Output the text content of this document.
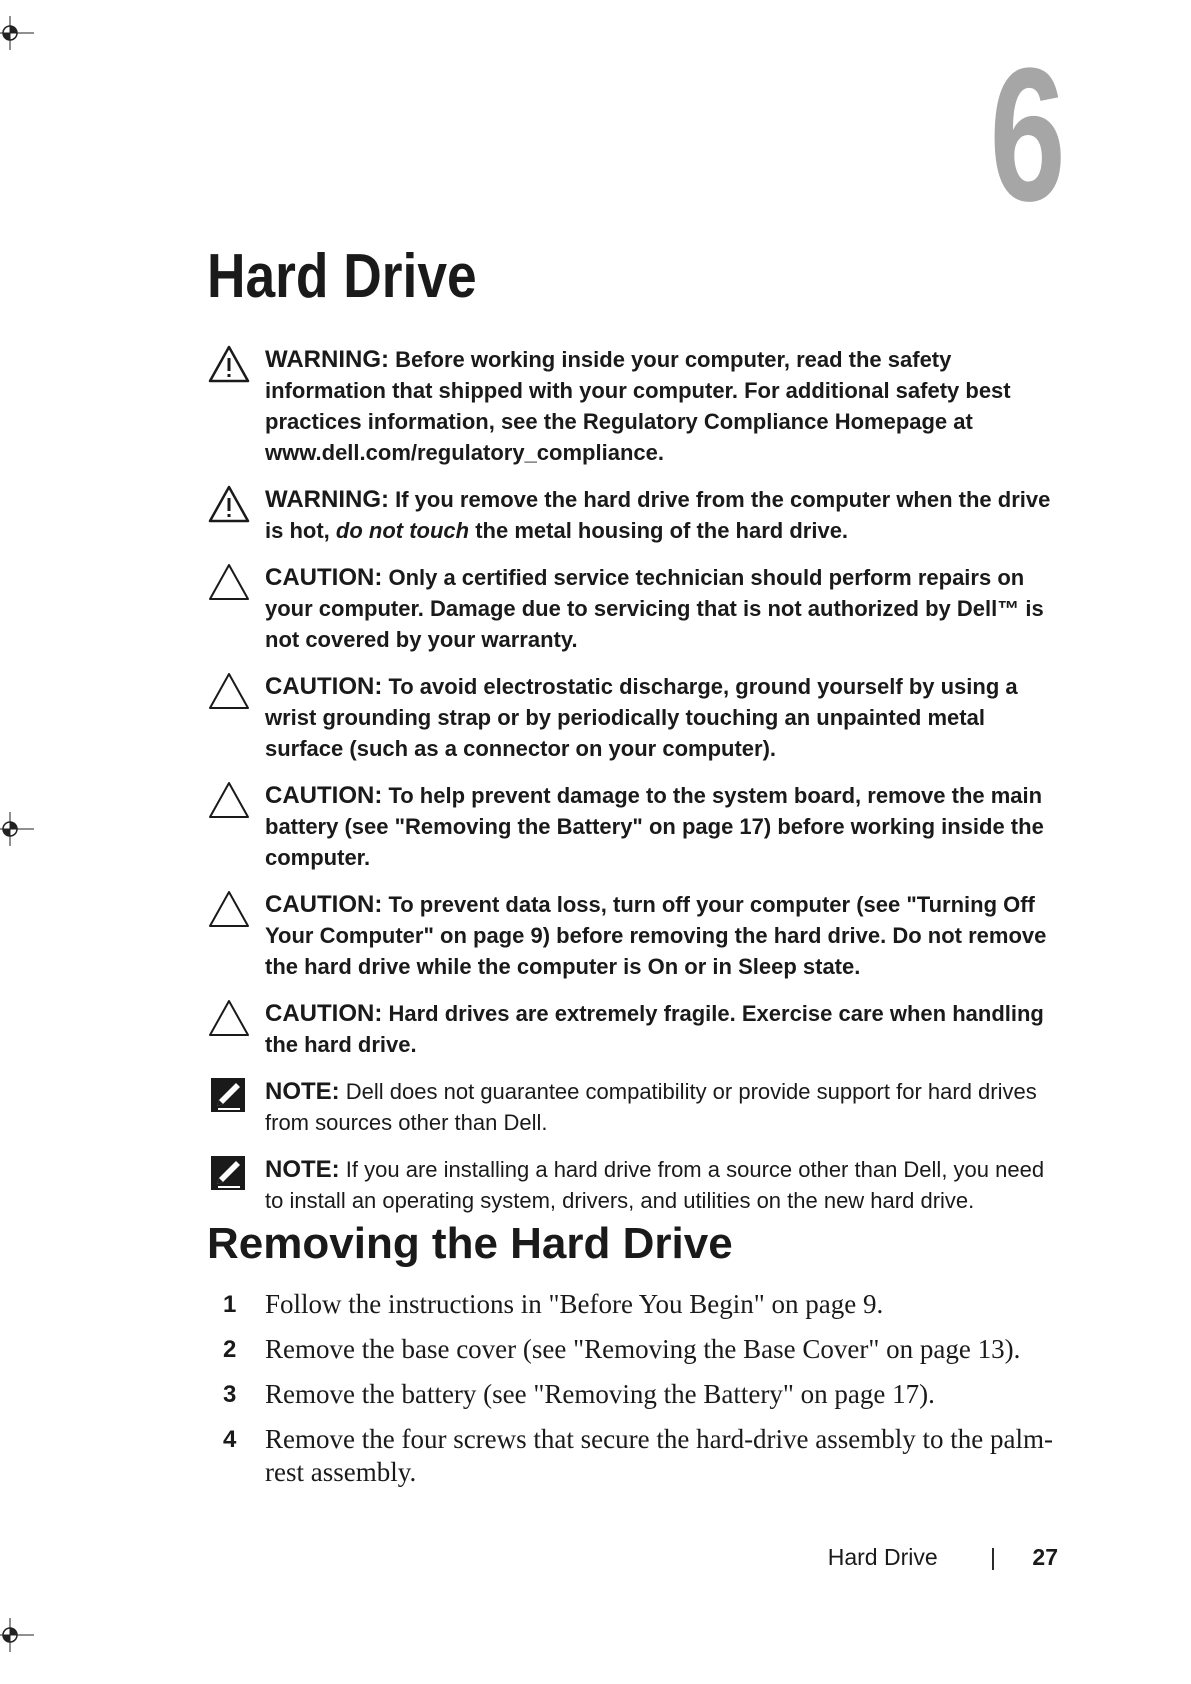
6
Hard Drive
WARNING: Before working inside your computer, read the safety information that shipped with your computer. For additional safety best practices information, see the Regulatory Compliance Homepage at www.dell.com/regulatory_compliance.
WARNING: If you remove the hard drive from the computer when the drive is hot, do not touch the metal housing of the hard drive.
CAUTION: Only a certified service technician should perform repairs on your computer. Damage due to servicing that is not authorized by Dell™ is not covered by your warranty.
CAUTION: To avoid electrostatic discharge, ground yourself by using a wrist grounding strap or by periodically touching an unpainted metal surface (such as a connector on your computer).
CAUTION: To help prevent damage to the system board, remove the main battery (see "Removing the Battery" on page 17) before working inside the computer.
CAUTION: To prevent data loss, turn off your computer (see "Turning Off Your Computer" on page 9) before removing the hard drive. Do not remove the hard drive while the computer is On or in Sleep state.
CAUTION: Hard drives are extremely fragile. Exercise care when handling the hard drive.
NOTE: Dell does not guarantee compatibility or provide support for hard drives from sources other than Dell.
NOTE: If you are installing a hard drive from a source other than Dell, you need to install an operating system, drivers, and utilities on the new hard drive.
Removing the Hard Drive
1 Follow the instructions in "Before You Begin" on page 9.
2 Remove the base cover (see "Removing the Base Cover" on page 13).
3 Remove the battery (see "Removing the Battery" on page 17).
4 Remove the four screws that secure the hard-drive assembly to the palm-rest assembly.
Hard Drive | 27
